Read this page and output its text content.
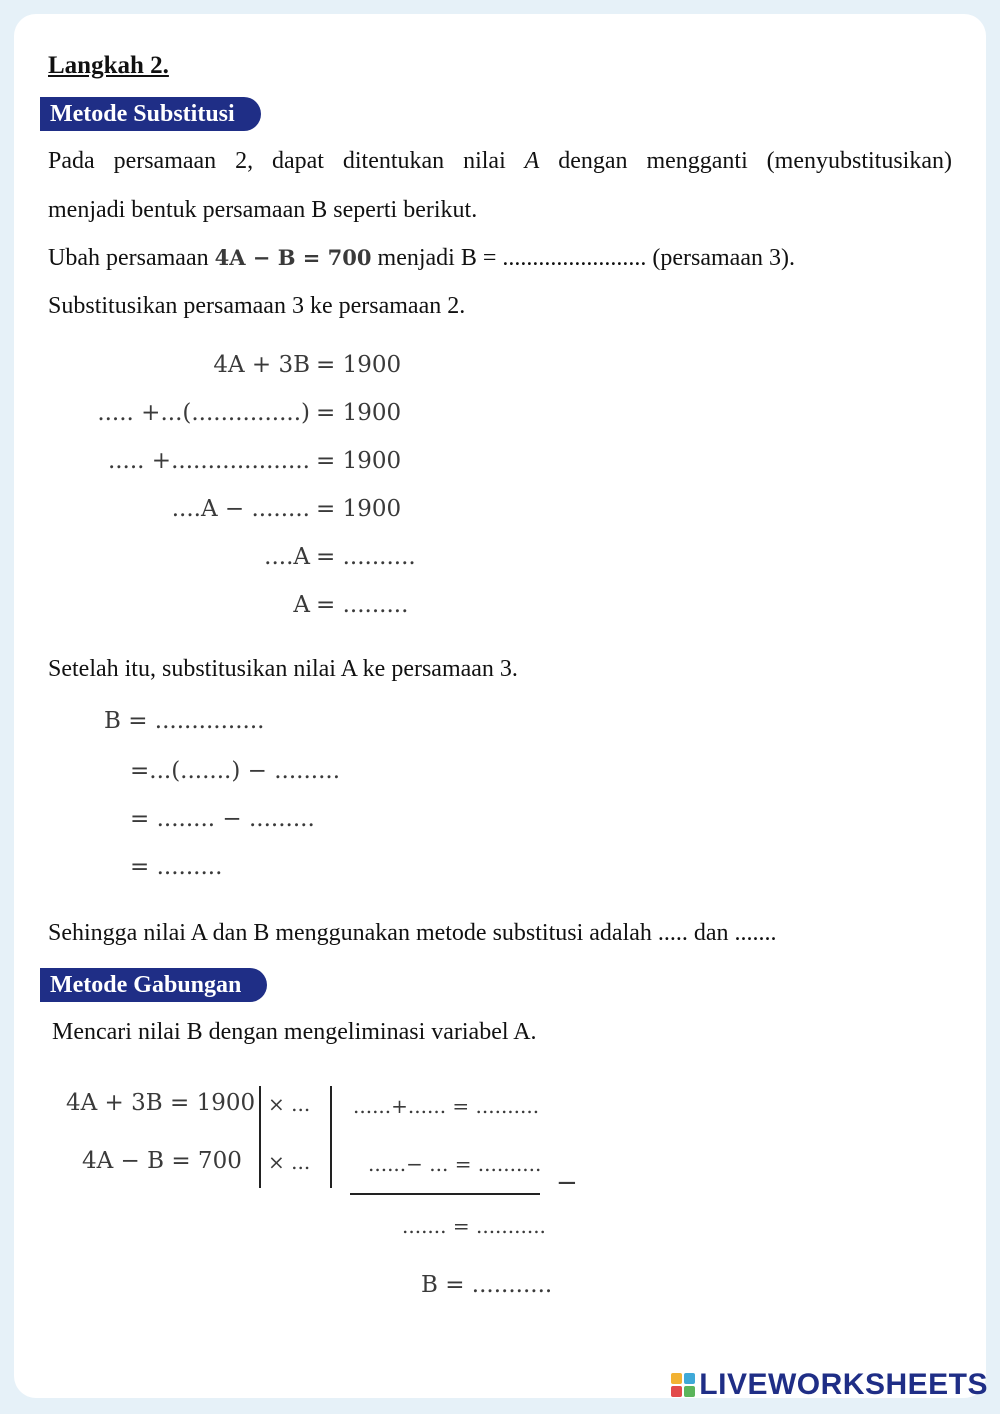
Langkah 2.
Metode Substitusi
Pada persamaan 2, dapat ditentukan nilai A dengan mengganti (menyubstitusikan)
menjadi bentuk persamaan B seperti berikut.
Ubah persamaan 4A − B = 700 menjadi B = ........................ (persamaan 3).
Substitusikan persamaan 3 ke persamaan 2.
4A + 3B = 1900
..... +...(...............) = 1900
..... +................... = 1900
....A − ........ = 1900
....A = ..........
A = .........
Setelah itu, substitusikan nilai A ke persamaan 3.
B = ...............
=...(.......) − .........
= ........ − .........
= .........
Sehingga nilai A dan B menggunakan metode substitusi adalah ..... dan .......
Metode Gabungan
Mencari nilai B dengan mengeliminasi variabel A.
4A + 3B = 1900
4A − B = 700
× ...
× ...
......+...... = ..........
......− ... = ..........
−
....... = ...........
B = ...........
LIVEWORKSHEETS
